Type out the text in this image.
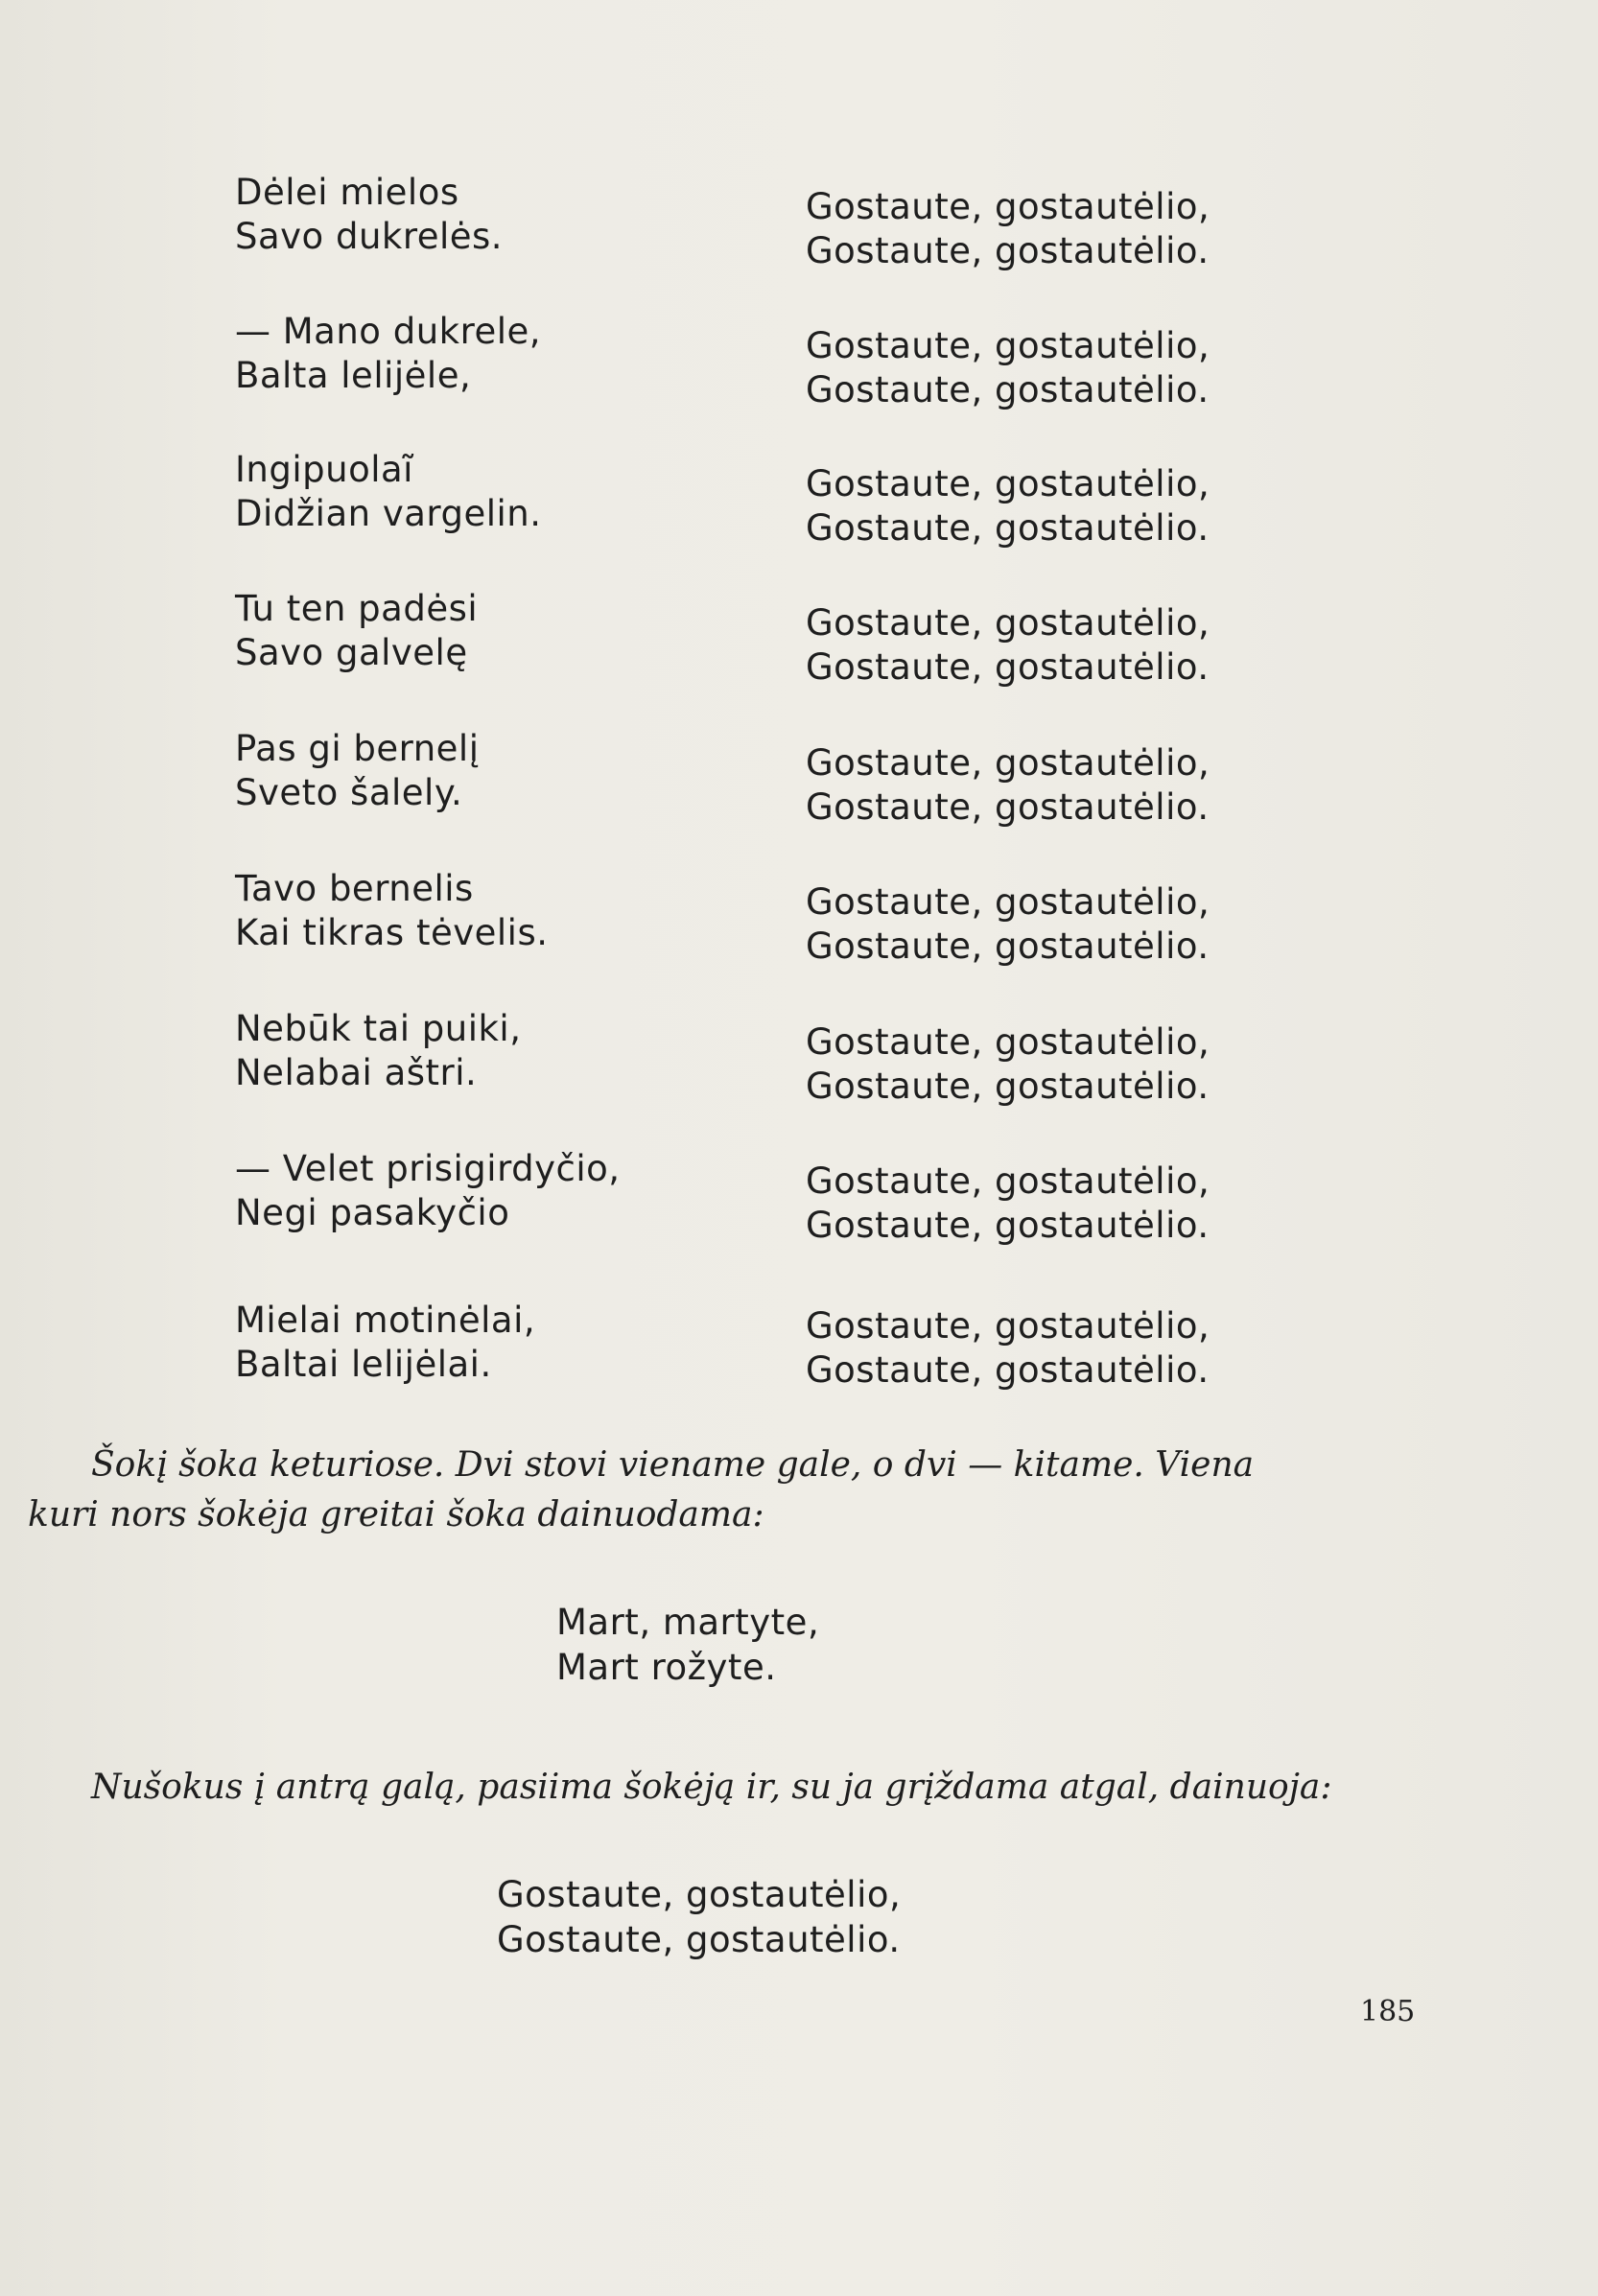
Dėlei mielos
Savo dukrelės.
Gostaute, gostautėlio,
Gostaute, gostautėlio.
— Mano dukrele,
Balta lelijėle,
Gostaute, gostautėlio,
Gostaute, gostautėlio.
Ingipuolaĩ
Didžian vargelin.
Gostaute, gostautėlio,
Gostaute, gostautėlio.
Tu ten padėsi
Savo galvelę
Gostaute, gostautėlio,
Gostaute, gostautėlio.
Pas gi bernelį
Sveto šalely.
Gostaute, gostautėlio,
Gostaute, gostautėlio.
Tavo bernelis
Kai tikras tėvelis.
Gostaute, gostautėlio,
Gostaute, gostautėlio.
Nebūk tai puiki,
Nelabai aštri.
Gostaute, gostautėlio,
Gostaute, gostautėlio.
— Velet prisigirdyčio,
Negi pasakyčio
Gostaute, gostautėlio,
Gostaute, gostautėlio.
Mielai motinėlai,
Baltai lelijėlai.
Gostaute, gostautėlio,
Gostaute, gostautėlio.
Šokį šoka keturiose. Dvi stovi viename gale, o dvi — kitame. Viena
kuri nors šokėja greitai šoka dainuodama:
Mart, martyte,
Mart rožyte.
Nušokus į antrą galą, pasiima šokėją ir, su ja grįždama atgal, dainuoja:
Gostaute, gostautėlio,
Gostaute, gostautėlio.
185
